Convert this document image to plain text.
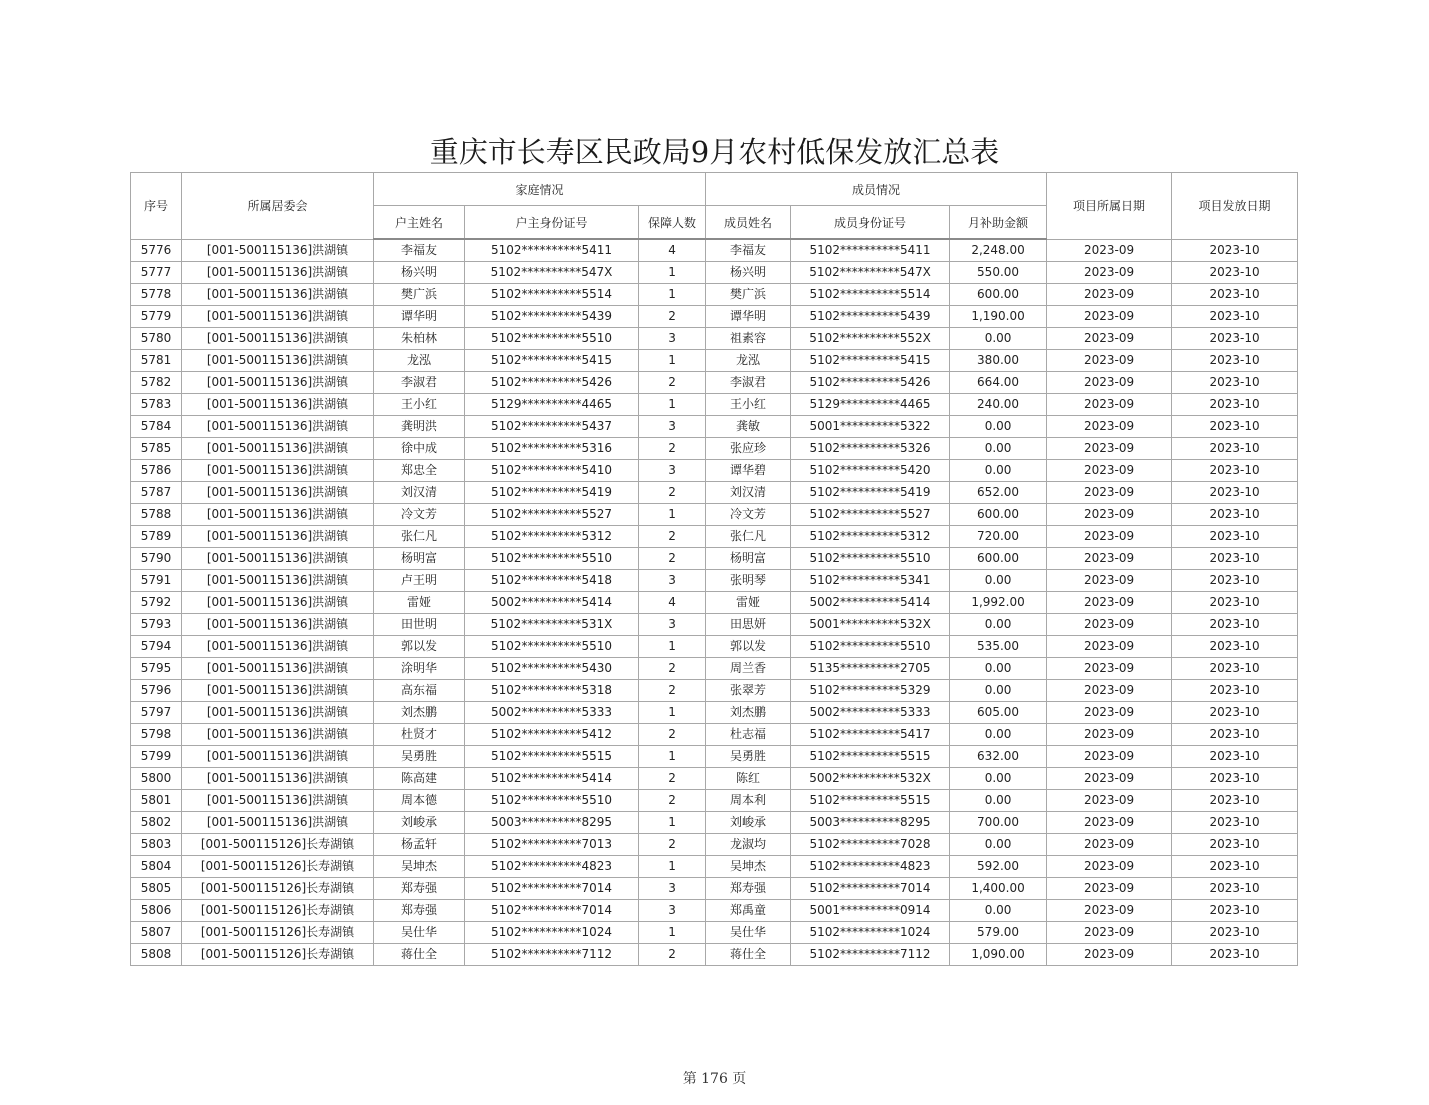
重庆市长寿区民政局9月农村低保发放汇总表
序号	所属居委会	家庭情况			成员情况			项目所属日期	项目发放日期
		户主姓名	户主身份证号	保障人数	成员姓名	成员身份证号	月补助金额		
5776	[001-500115136]洪湖镇	李福友	5102**********5411	4	李福友	5102**********5411	2,248.00	2023-09	2023-10
5777	[001-500115136]洪湖镇	杨兴明	5102**********547X	1	杨兴明	5102**********547X	550.00	2023-09	2023-10
5778	[001-500115136]洪湖镇	樊广浜	5102**********5514	1	樊广浜	5102**********5514	600.00	2023-09	2023-10
5779	[001-500115136]洪湖镇	谭华明	5102**********5439	2	谭华明	5102**********5439	1,190.00	2023-09	2023-10
5780	[001-500115136]洪湖镇	朱柏林	5102**********5510	3	祖素容	5102**********552X	0.00	2023-09	2023-10
5781	[001-500115136]洪湖镇	龙泓	5102**********5415	1	龙泓	5102**********5415	380.00	2023-09	2023-10
5782	[001-500115136]洪湖镇	李淑君	5102**********5426	2	李淑君	5102**********5426	664.00	2023-09	2023-10
5783	[001-500115136]洪湖镇	王小红	5129**********4465	1	王小红	5129**********4465	240.00	2023-09	2023-10
5784	[001-500115136]洪湖镇	龚明洪	5102**********5437	3	龚敏	5001**********5322	0.00	2023-09	2023-10
5785	[001-500115136]洪湖镇	徐中成	5102**********5316	2	张应珍	5102**********5326	0.00	2023-09	2023-10
5786	[001-500115136]洪湖镇	郑忠全	5102**********5410	3	谭华碧	5102**********5420	0.00	2023-09	2023-10
5787	[001-500115136]洪湖镇	刘汉清	5102**********5419	2	刘汉清	5102**********5419	652.00	2023-09	2023-10
5788	[001-500115136]洪湖镇	冷文芳	5102**********5527	1	冷文芳	5102**********5527	600.00	2023-09	2023-10
5789	[001-500115136]洪湖镇	张仁凡	5102**********5312	2	张仁凡	5102**********5312	720.00	2023-09	2023-10
5790	[001-500115136]洪湖镇	杨明富	5102**********5510	2	杨明富	5102**********5510	600.00	2023-09	2023-10
5791	[001-500115136]洪湖镇	卢王明	5102**********5418	3	张明琴	5102**********5341	0.00	2023-09	2023-10
5792	[001-500115136]洪湖镇	雷娅	5002**********5414	4	雷娅	5002**********5414	1,992.00	2023-09	2023-10
5793	[001-500115136]洪湖镇	田世明	5102**********531X	3	田思妍	5001**********532X	0.00	2023-09	2023-10
5794	[001-500115136]洪湖镇	郭以发	5102**********5510	1	郭以发	5102**********5510	535.00	2023-09	2023-10
5795	[001-500115136]洪湖镇	涂明华	5102**********5430	2	周兰香	5135**********2705	0.00	2023-09	2023-10
5796	[001-500115136]洪湖镇	高东福	5102**********5318	2	张翠芳	5102**********5329	0.00	2023-09	2023-10
5797	[001-500115136]洪湖镇	刘杰鹏	5002**********5333	1	刘杰鹏	5002**********5333	605.00	2023-09	2023-10
5798	[001-500115136]洪湖镇	杜贤才	5102**********5412	2	杜志福	5102**********5417	0.00	2023-09	2023-10
5799	[001-500115136]洪湖镇	吴勇胜	5102**********5515	1	吴勇胜	5102**********5515	632.00	2023-09	2023-10
5800	[001-500115136]洪湖镇	陈高建	5102**********5414	2	陈红	5002**********532X	0.00	2023-09	2023-10
5801	[001-500115136]洪湖镇	周本德	5102**********5510	2	周本利	5102**********5515	0.00	2023-09	2023-10
5802	[001-500115136]洪湖镇	刘峻承	5003**********8295	1	刘峻承	5003**********8295	700.00	2023-09	2023-10
5803	[001-500115126]长寿湖镇	杨孟轩	5102**********7013	2	龙淑均	5102**********7028	0.00	2023-09	2023-10
5804	[001-500115126]长寿湖镇	吴坤杰	5102**********4823	1	吴坤杰	5102**********4823	592.00	2023-09	2023-10
5805	[001-500115126]长寿湖镇	郑寿强	5102**********7014	3	郑寿强	5102**********7014	1,400.00	2023-09	2023-10
5806	[001-500115126]长寿湖镇	郑寿强	5102**********7014	3	郑禹童	5001**********0914	0.00	2023-09	2023-10
5807	[001-500115126]长寿湖镇	吴仕华	5102**********1024	1	吴仕华	5102**********1024	579.00	2023-09	2023-10
5808	[001-500115126]长寿湖镇	蒋仕全	5102**********7112	2	蒋仕全	5102**********7112	1,090.00	2023-09	2023-10
第 176 页
